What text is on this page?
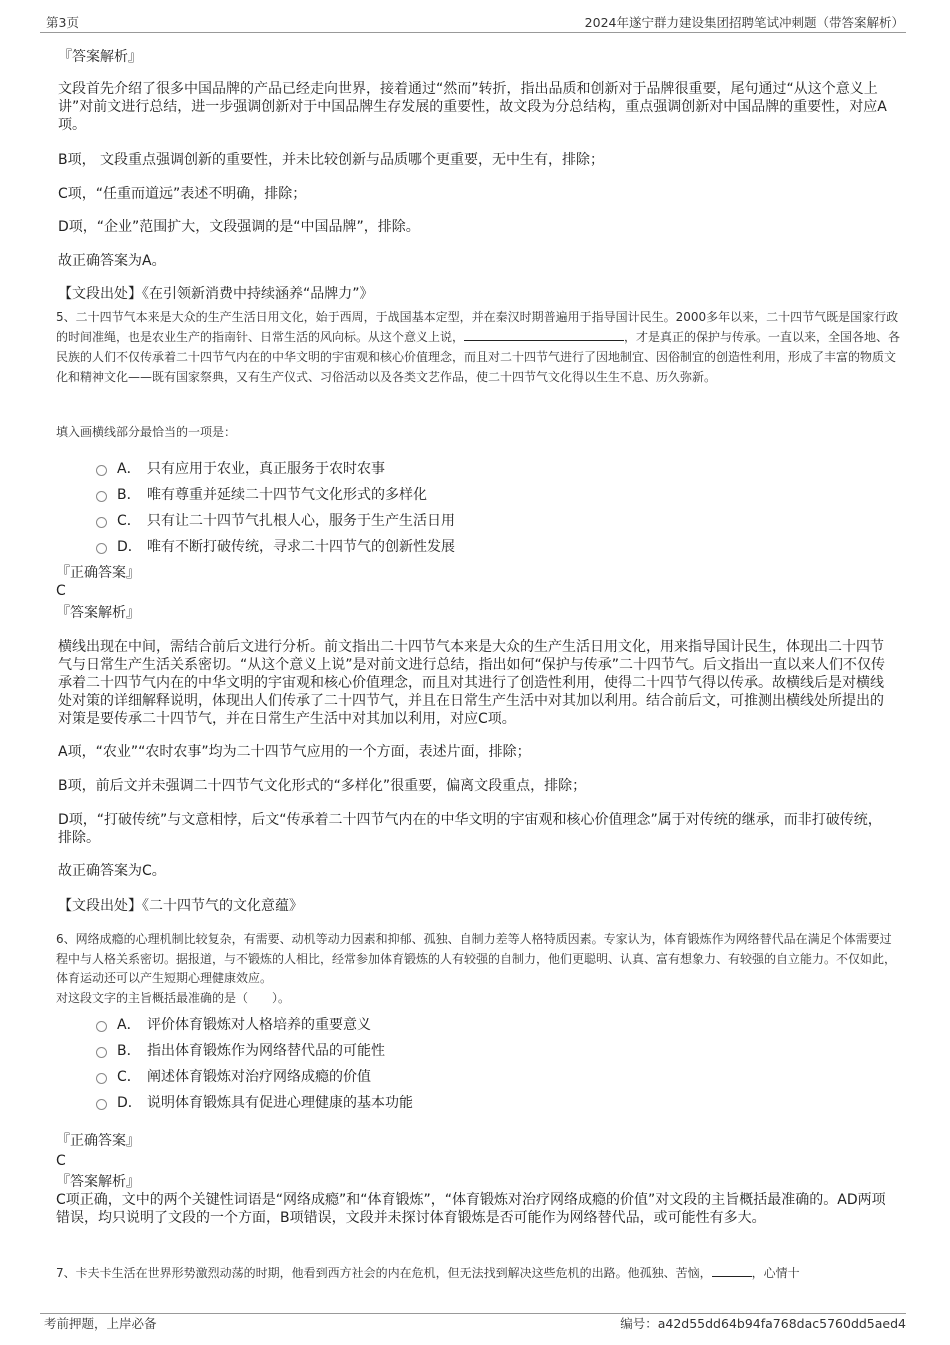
第3页	2024年遂宁群力建设集团招聘笔试冲刺题（带答案解析）
『答案解析』
文段首先介绍了很多中国品牌的产品已经走向世界，接着通过“然而”转折，指出品质和创新对于品牌很重要，尾句通过“从这个意义上讲”对前文进行总结，进一步强调创新对于中国品牌生存发展的重要性，故文段为分总结构，重点强调创新对中国品牌的重要性，对应A项。
B项， 文段重点强调创新的重要性，并未比较创新与品质哪个更重要，无中生有，排除；
C项，“任重而道远”表述不明确，排除；
D项，“企业”范围扩大，文段强调的是“中国品牌”，排除。
故正确答案为A。
【文段出处】《在引领新消费中持续涵养“品牌力”》
5、二十四节气本来是大众的生产生活日用文化，始于西周，于战国基本定型，并在秦汉时期普遍用于指导国计民生。2000多年以来，二十四节气既是国家行政的时间准绳，也是农业生产的指南针、日常生活的风向标。从这个意义上说，	，才是真正的保护与传承。一直以来，全国各地、各民族的人们不仅传承着二十四节气内在的中华文明的宇宙观和核心价值理念，而且对二十四节气进行了因地制宜、因俗制宜的创造性利用，形成了丰富的物质文化和精神文化——既有国家祭典，又有生产仪式、习俗活动以及各类文艺作品，使二十四节气文化得以生生不息、历久弥新。
填入画横线部分最恰当的一项是：
A． 只有应用于农业，真正服务于农时农事
B． 唯有尊重并延续二十四节气文化形式的多样化
C． 只有让二十四节气扎根人心，服务于生产生活日用
D． 唯有不断打破传统，寻求二十四节气的创新性发展
『正确答案』
C
『答案解析』
横线出现在中间，需结合前后文进行分析。前文指出二十四节气本来是大众的生产生活日用文化，用来指导国计民生，体现出二十四节气与日常生产生活关系密切。“从这个意义上说”是对前文进行总结，指出如何“保护与传承”二十四节气。后文指出一直以来人们不仅传承着二十四节气内在的中华文明的宇宙观和核心价值理念，而且对其进行了创造性利用，使得二十四节气得以传承。故横线后是对横线处对策的详细解释说明，体现出人们传承了二十四节气，并且在日常生产生活中对其加以利用。结合前后文，可推测出横线处所提出的对策是要传承二十四节气，并在日常生产生活中对其加以利用，对应C项。
A项，“农业”“农时农事”均为二十四节气应用的一个方面，表述片面，排除；
B项，前后文并未强调二十四节气文化形式的“多样化”很重要，偏离文段重点，排除；
D项，“打破传统”与文意相悖，后文“传承着二十四节气内在的中华文明的宇宙观和核心价值理念”属于对传统的继承，而非打破传统，排除。
故正确答案为C。
【文段出处】《二十四节气的文化意蕴》
6、网络成瘾的心理机制比较复杂，有需要、动机等动力因素和抑郁、孤独、自制力差等人格特质因素。专家认为，体育锻炼作为网络替代品在满足个体需要过程中与人格关系密切。据报道，与不锻炼的人相比，经常参加体育锻炼的人有较强的自制力，他们更聪明、认真、富有想象力、有较强的自立能力。不仅如此，体育运动还可以产生短期心理健康效应。
对这段文字的主旨概括最准确的是（　　）。
A． 评价体育锻炼对人格培养的重要意义
B． 指出体育锻炼作为网络替代品的可能性
C． 阐述体育锻炼对治疗网络成瘾的价值
D． 说明体育锻炼具有促进心理健康的基本功能
『正确答案』
C
『答案解析』
C项正确，文中的两个关键性词语是“网络成瘾”和“体育锻炼”，“体育锻炼对治疗网络成瘾的价值”对文段的主旨概括最准确的。AD两项错误，均只说明了文段的一个方面，B项错误，文段并未探讨体育锻炼是否可能作为网络替代品，或可能性有多大。
7、卡夫卡生活在世界形势激烈动荡的时期，他看到西方社会的内在危机，但无法找到解决这些危机的出路。他孤独、苦恼，	，心情十
考前押题，上岸必备	编号：a42d55dd64b94fa768dac5760dd5aed4
